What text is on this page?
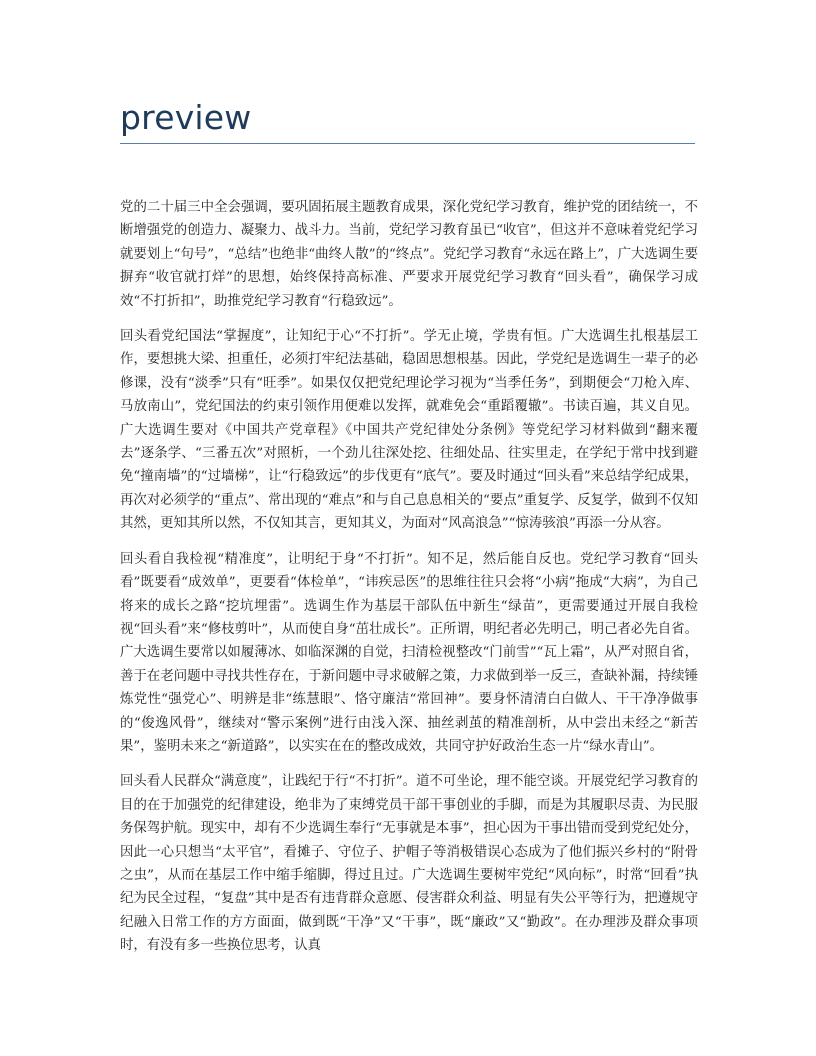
preview

党的二十届三中全会强调，要巩固拓展主题教育成果，深化党纪学习教育，维护党的团结统一，不断增强党的创造力、凝聚力、战斗力。当前，党纪学习教育虽已“收官”，但这并不意味着党纪学习就要划上“句号”，“总结”也绝非“曲终人散”的“终点”。党纪学习教育“永远在路上”，广大选调生要摒弃“收官就打烊”的思想，始终保持高标准、严要求开展党纪学习教育“回头看”，确保学习成效“不打折扣”，助推党纪学习教育“行稳致远”。

回头看党纪国法“掌握度”，让知纪于心“不打折”。学无止境，学贵有恒。广大选调生扎根基层工作，要想挑大梁、担重任，必须打牢纪法基础，稳固思想根基。因此，学党纪是选调生一辈子的必修课，没有“淡季”只有“旺季”。如果仅仅把党纪理论学习视为“当季任务”，到期便会“刀枪入库、马放南山”，党纪国法的约束引领作用便难以发挥，就难免会“重蹈覆辙”。书读百遍，其义自见。广大选调生要对《中国共产党章程》《中国共产党纪律处分条例》等党纪学习材料做到“翻来覆去”逐条学、“三番五次”对照析，一个劲儿往深处挖、往细处品、往实里走，在学纪于常中找到避免“撞南墙”的“过墙梯”，让“行稳致远”的步伐更有“底气”。要及时通过“回头看”来总结学纪成果，再次对必须学的“重点”、常出现的“难点”和与自己息息相关的“要点”重复学、反复学，做到不仅知其然，更知其所以然，不仅知其言，更知其义，为面对“风高浪急”“惊涛骇浪”再添一分从容。

回头看自我检视“精准度”，让明纪于身“不打折”。知不足，然后能自反也。党纪学习教育“回头看”既要看“成效单”，更要看“体检单”，“讳疾忌医”的思维往往只会将“小病”拖成“大病”，为自己将来的成长之路“挖坑埋雷”。选调生作为基层干部队伍中新生“绿苗”，更需要通过开展自我检视“回头看”来“修枝剪叶”，从而使自身“茁壮成长”。正所谓，明纪者必先明己，明己者必先自省。广大选调生要常以如履薄冰、如临深渊的自觉，扫清检视整改“门前雪”“瓦上霜”，从严对照自省，善于在老问题中寻找共性存在，于新问题中寻求破解之策，力求做到举一反三，查缺补漏，持续锤炼党性“强党心”、明辨是非“练慧眼”、恪守廉洁“常回神”。要身怀清清白白做人、干干净净做事的“俊逸风骨”，继续对“警示案例”进行由浅入深、抽丝剥茧的精准剖析，从中尝出未经之“新苦果”，鉴明未来之“新道路”，以实实在在的整改成效，共同守护好政治生态一片“绿水青山”。

回头看人民群众“满意度”，让践纪于行“不打折”。道不可坐论，理不能空谈。开展党纪学习教育的目的在于加强党的纪律建设，绝非为了束缚党员干部干事创业的手脚，而是为其履职尽责、为民服务保驾护航。现实中，却有不少选调生奉行“无事就是本事”，担心因为干事出错而受到党纪处分，因此一心只想当“太平官”，看摊子、守位子、护帽子等消极错误心态成为了他们振兴乡村的“附骨之虫”，从而在基层工作中缩手缩脚，得过且过。广大选调生要树牢党纪“风向标”，时常“回看”执纪为民全过程，“复盘”其中是否有违背群众意愿、侵害群众利益、明显有失公平等行为，把遵规守纪融入日常工作的方方面面，做到既“干净”又“干事”，既“廉政”又“勤政”。在办理涉及群众事项时，有没有多一些换位思考，认真
